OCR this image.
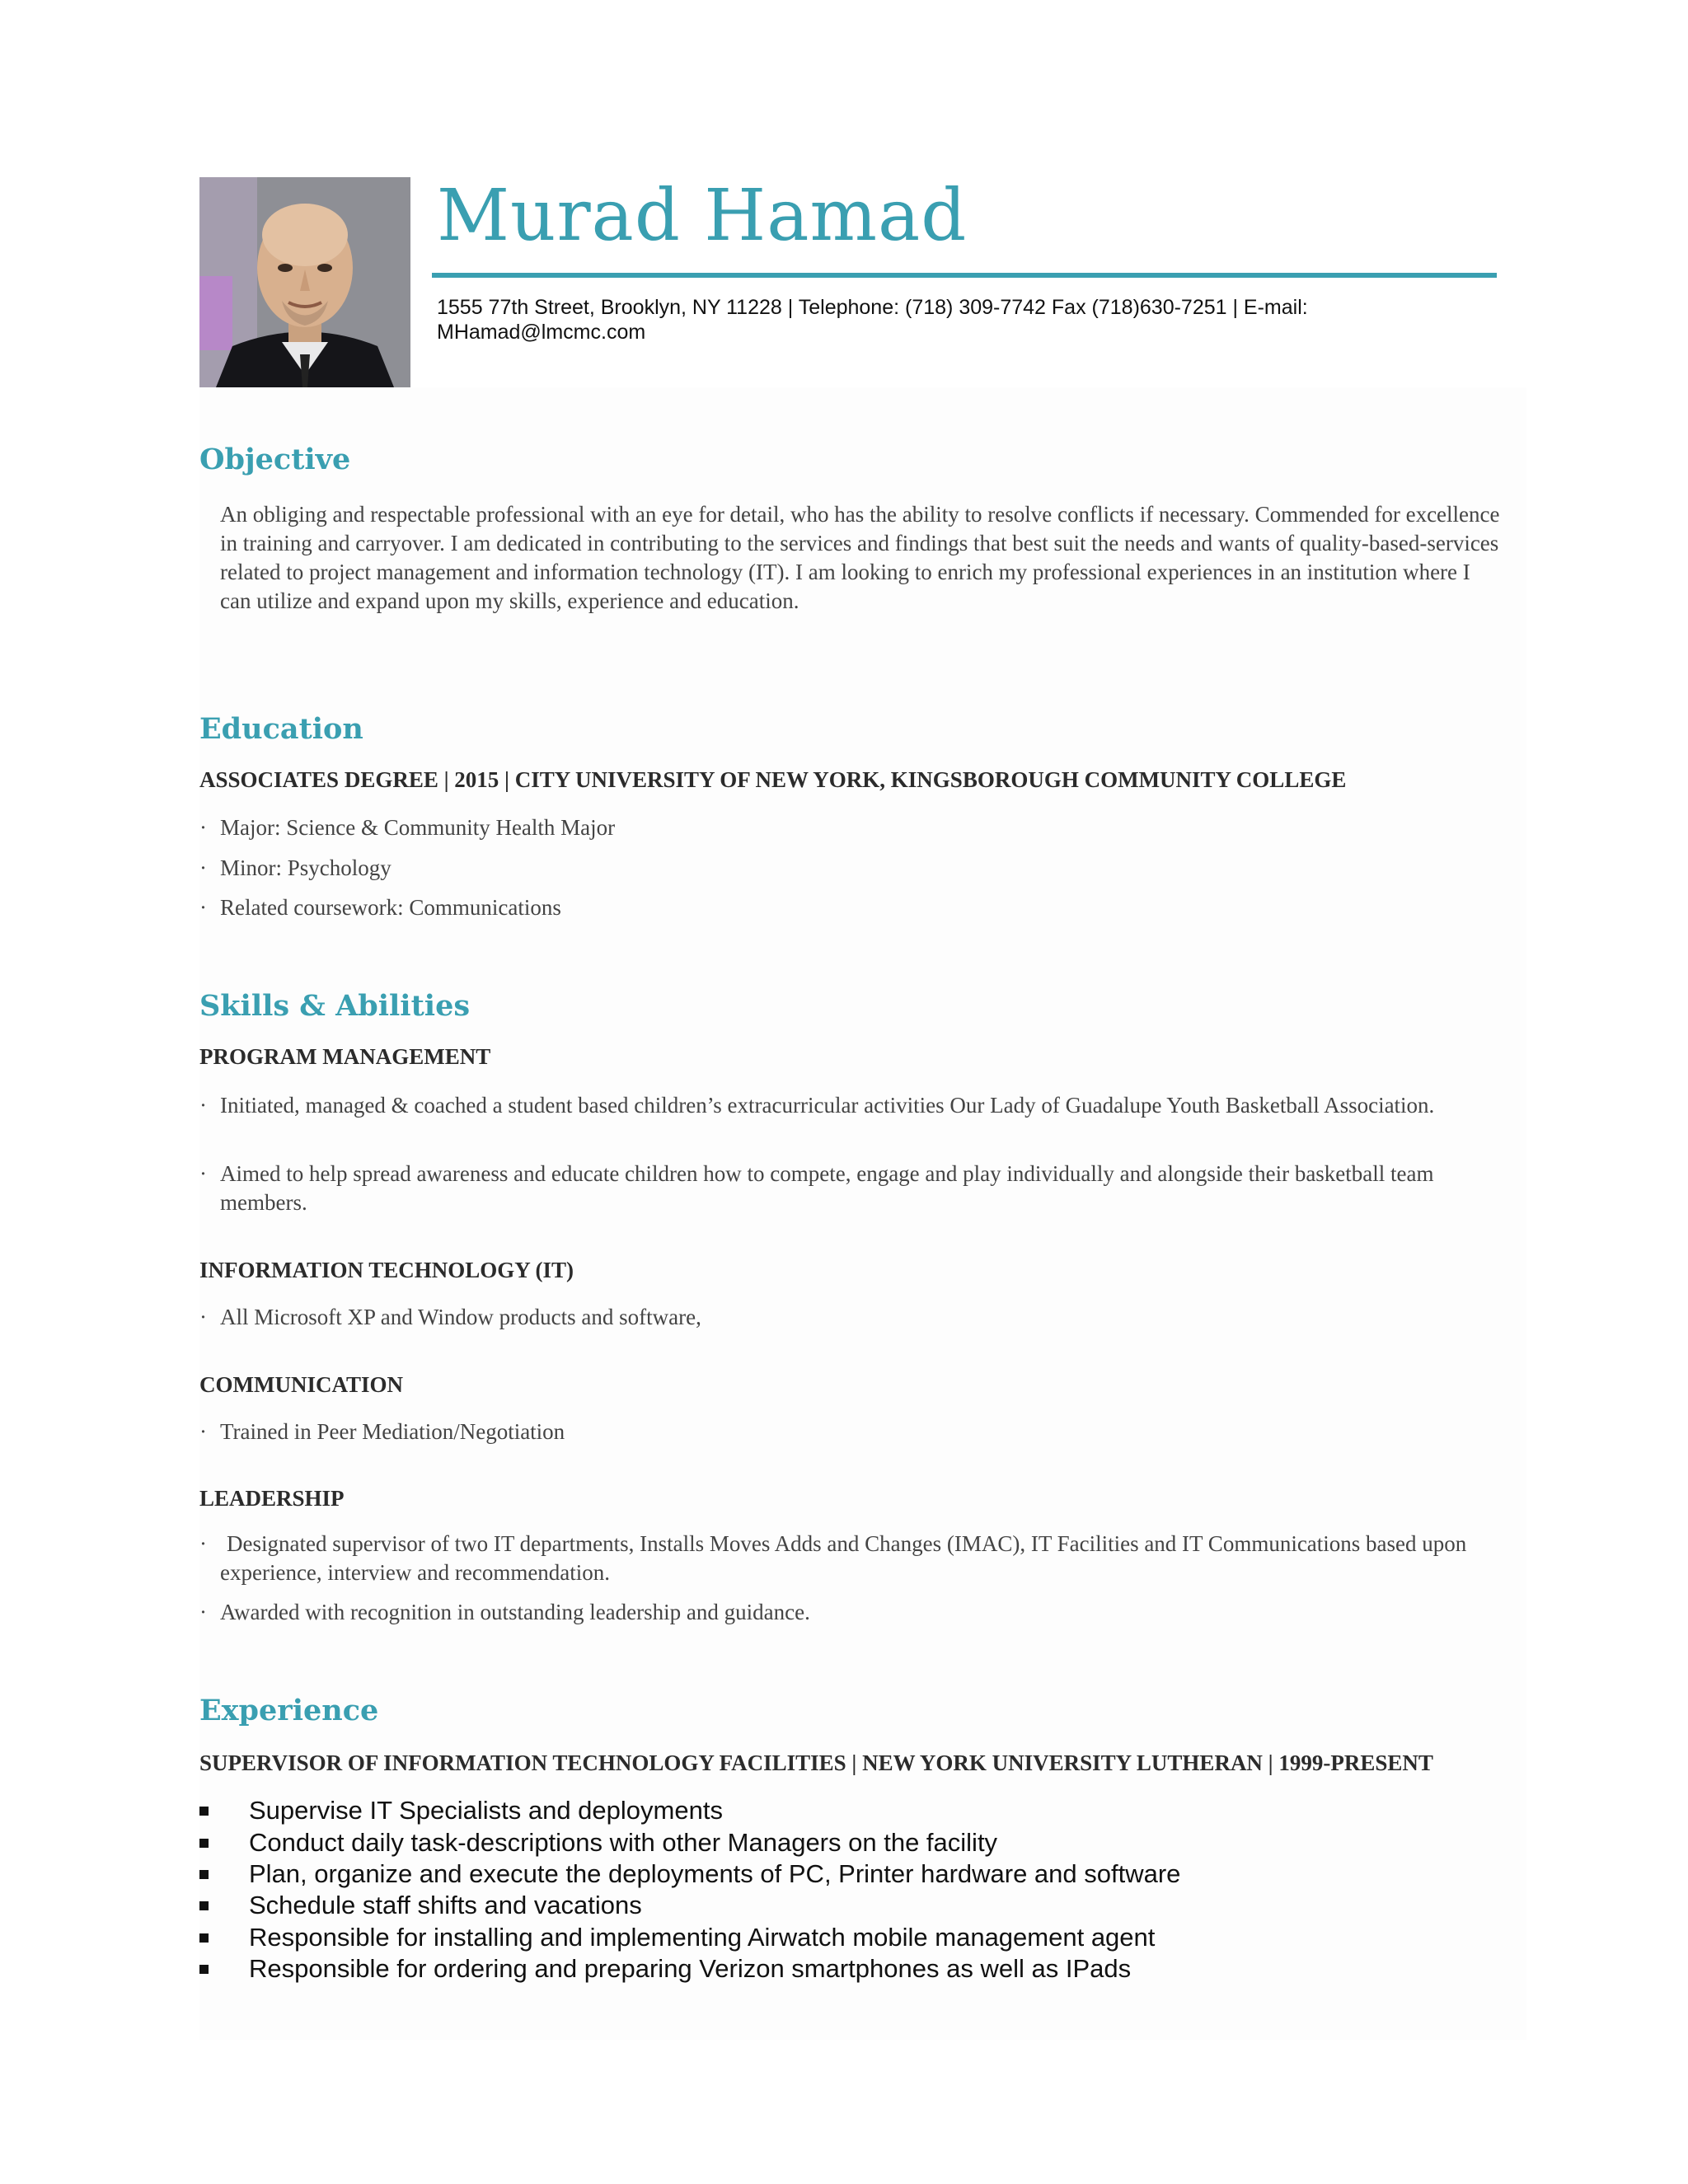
Murad Hamad
1555 77th Street, Brooklyn, NY 11228 | Telephone: (718) 309-7742 Fax (718)630-7251 | E-mail: MHamad@lmcmc.com
Objective
An obliging and respectable professional with an eye for detail, who has the ability to resolve conflicts if necessary. Commended for excellence in training and carryover. I am dedicated in contributing to the services and findings that best suit the needs and wants of quality-based-services related to project management and information technology (IT). I am looking to enrich my professional experiences in an institution where I can utilize and expand upon my skills, experience and education.
Education
ASSOCIATES DEGREE | 2015 | CITY UNIVERSITY OF NEW YORK, KINGSBOROUGH COMMUNITY COLLEGE
· Major: Science & Community Health Major
· Minor: Psychology
· Related coursework: Communications
Skills & Abilities
PROGRAM MANAGEMENT
· Initiated, managed & coached a student based children’s extracurricular activities Our Lady of Guadalupe Youth Basketball Association.
· Aimed to help spread awareness and educate children how to compete, engage and play individually and alongside their basketball team members.
INFORMATION TECHNOLOGY (IT)
· All Microsoft XP and Window products and software,
COMMUNICATION
· Trained in Peer Mediation/Negotiation
LEADERSHIP
· Designated supervisor of two IT departments, Installs Moves Adds and Changes (IMAC), IT Facilities and IT Communications based upon experience, interview and recommendation.
· Awarded with recognition in outstanding leadership and guidance.
Experience
SUPERVISOR OF INFORMATION TECHNOLOGY FACILITIES | NEW YORK UNIVERSITY LUTHERAN | 1999-PRESENT
Supervise IT Specialists and deployments
Conduct daily task-descriptions with other Managers on the facility
Plan, organize and execute the deployments of PC, Printer hardware and software
Schedule staff shifts and vacations
Responsible for installing and implementing Airwatch mobile management agent
Responsible for ordering and preparing Verizon smartphones as well as IPads
